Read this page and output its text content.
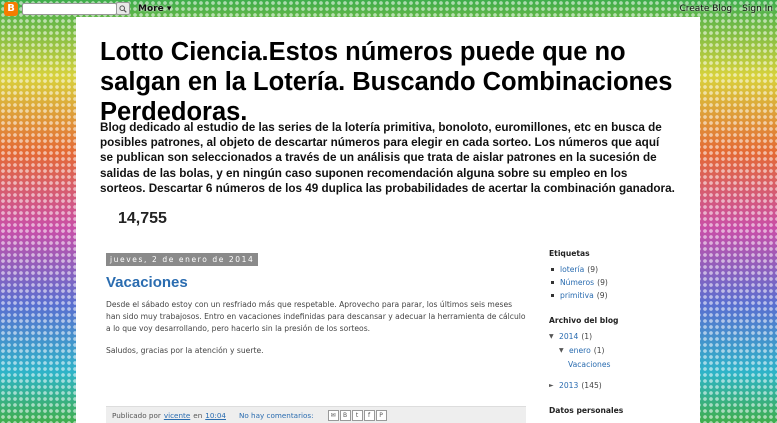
B	More ▾	Create Blog Sign In
Lotto Ciencia.Estos números puede que no salgan en la Lotería. Buscando Combinaciones Perdedoras.

Blog dedicado al estudio de las series de la lotería primitiva, bonoloto, euromillones, etc en busca de posibles patrones, al objeto de descartar números para elegir en cada sorteo. Los números que aquí se publican son seleccionados a través de un análisis que trata de aislar patrones en la sucesión de salidas de las bolas, y en ningún caso suponen recomendación alguna sobre su empleo en los sorteos. Descartar 6 números de los 49 duplica las probabilidades de acertar la combinación ganadora.

14,755
jueves, 2 de enero de 2014
Vacaciones

Desde el sábado estoy con un resfriado más que respetable. Aprovecho para parar, los últimos seis meses han sido muy trabajosos. Entro en vacaciones indefinidas para descansar y adecuar la herramienta de cálculo a lo que voy desarrollando, pero hacerlo sin la presión de los sorteos.

Saludos, gracias por la atención y suerte.

Publicado por vicente en 10:04 No hay comentarios:	✉	B	t	f	P
Etiquetas
lotería (9)
Números (9)
primitiva (9)
Archivo del blog
▼ 2014 (1)
▼ enero (1)
Vacaciones
► 2013 (145)
Datos personales
